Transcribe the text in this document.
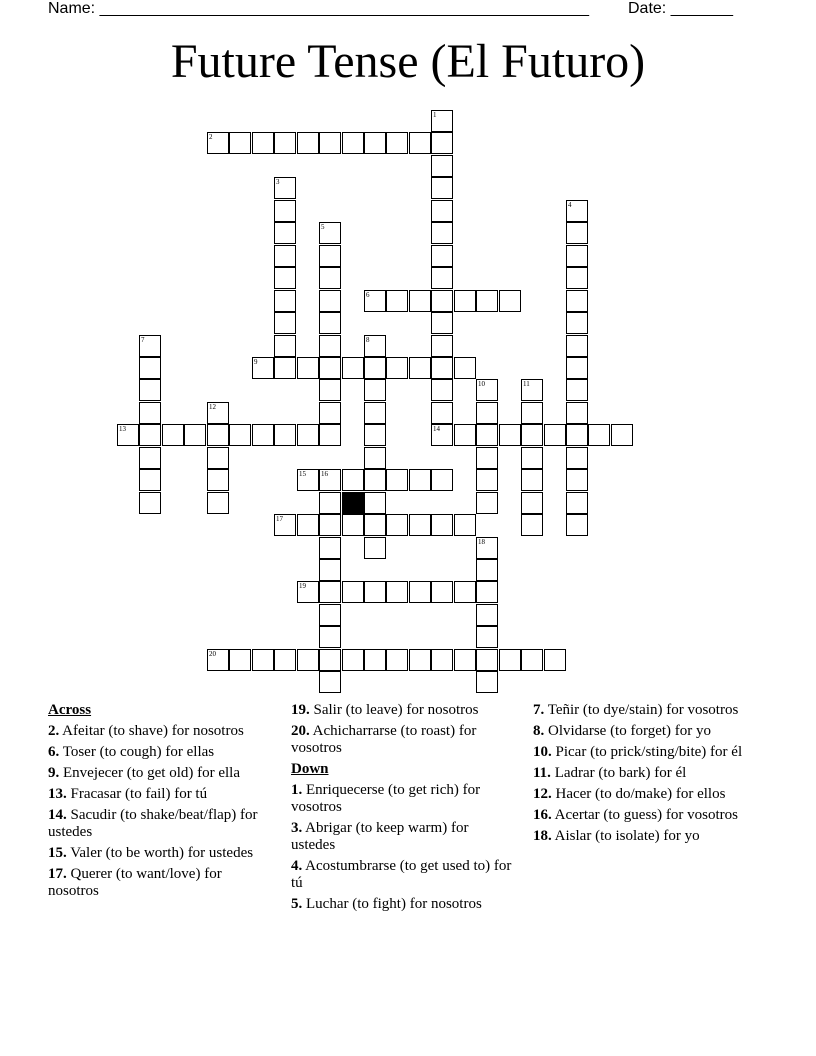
Name: _______________________________________________________ Date: _______
Future Tense (El Futuro)
1
14
2
3
4
5
6
7	8
9
10	11
12
13
15 16
17
18
19
20
Across
2. Afeitar (to shave) for nosotros
6. Toser (to cough) for ellas
9. Envejecer (to get old) for ella
13. Fracasar (to fail) for tú
14. Sacudir (to shake/beat/flap) for ustedes
15. Valer (to be worth) for ustedes
17. Querer (to want/love) for nosotros
19. Salir (to leave) for nosotros
20. Achicharrarse (to roast) for vosotros
Down
1. Enriquecerse (to get rich) for vosotros
3. Abrigar (to keep warm) for ustedes
4. Acostumbrarse (to get used to) for tú
5. Luchar (to fight) for nosotros
7. Teñir (to dye/stain) for vosotros
8. Olvidarse (to forget) for yo
10. Picar (to prick/sting/bite) for él
11. Ladrar (to bark) for él
12. Hacer (to do/make) for ellos
16. Acertar (to guess) for vosotros
18. Aislar (to isolate) for yo
